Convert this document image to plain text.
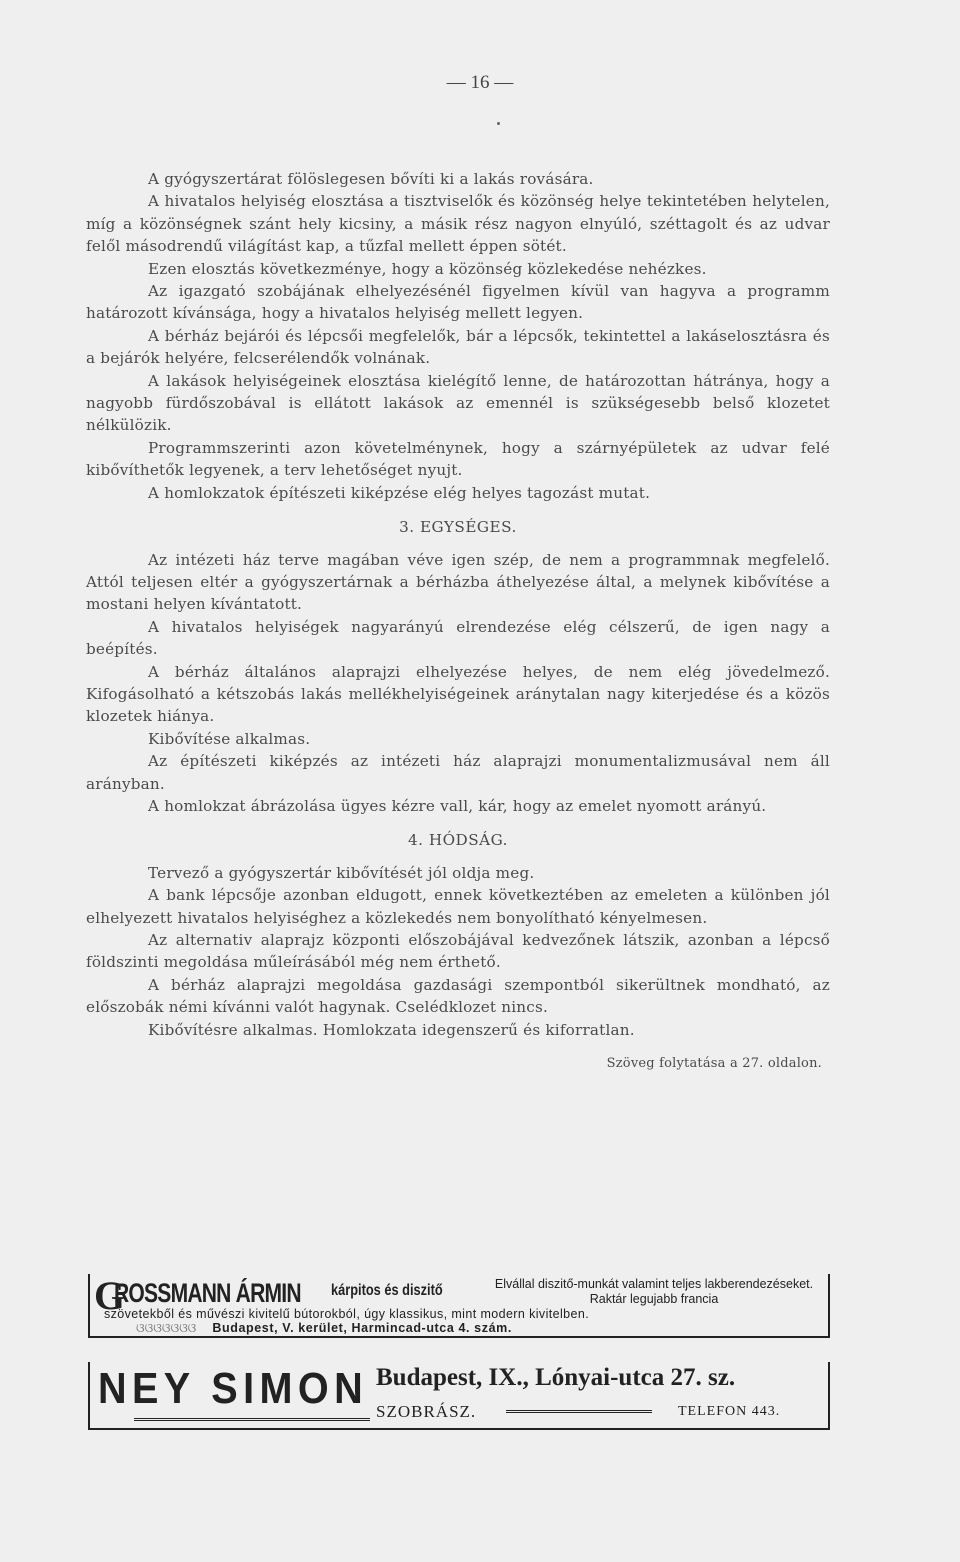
— 16 —

A gyógyszertárat fölöslegesen bővíti ki a lakás rovására.

A hivatalos helyiség elosztása a tisztviselők és közönség helye tekintetében helytelen, míg a közönségnek szánt hely kicsiny, a másik rész nagyon elnyúló, széttagolt és az udvar felől másodrendű világítást kap, a tűzfal mellett éppen sötét.

Ezen elosztás következménye, hogy a közönség közlekedése nehézkes.

Az igazgató szobájának elhelyezésénél figyelmen kívül van hagyva a programm határozott kívánsága, hogy a hivatalos helyiség mellett legyen.

A bérház bejárói és lépcsői megfelelők, bár a lépcsők, tekintettel a lakáselosztásra és a bejárók helyére, felcserélendők volnának.

A lakások helyiségeinek elosztása kielégítő lenne, de határozottan hátránya, hogy a nagyobb fürdőszobával is ellátott lakások az emennél is szükségesebb belső klozetet nélkülözik.

Programmszerinti azon követelménynek, hogy a szárnyépületek az udvar felé kibővíthetők legyenek, a terv lehetőséget nyujt.

A homlokzatok építészeti kiképzése elég helyes tagozást mutat.

3. EGYSÉGES.

Az intézeti ház terve magában véve igen szép, de nem a programmnak megfelelő. Attól teljesen eltér a gyógyszertárnak a bérházba áthelyezése által, a melynek kibővítése a mostani helyen kívántatott.

A hivatalos helyiségek nagyarányú elrendezése elég célszerű, de igen nagy a beépítés.

A bérház általános alaprajzi elhelyezése helyes, de nem elég jövedelmező. Kifogásolható a kétszobás lakás mellékhelyiségeinek aránytalan nagy kiterjedése és a közös klozetek hiánya.

Kibővítése alkalmas.

Az építészeti kiképzés az intézeti ház alaprajzi monumentalizmusával nem áll arányban.

A homlokzat ábrázolása ügyes kézre vall, kár, hogy az emelet nyomott arányú.

4. HÓDSÁG.

Tervező a gyógyszertár kibővítését jól oldja meg.

A bank lépcsője azonban eldugott, ennek következtében az emeleten a különben jól elhelyezett hivatalos helyiséghez a közlekedés nem bonyolítható kényelmesen.

Az alternativ alaprajz központi előszobájával kedvezőnek látszik, azonban a lépcső földszinti megoldása műleírásából még nem érthető.

A bérház alaprajzi megoldása gazdasági szempontból sikerültnek mondható, az előszobák némi kívánni valót hagynak. Cselédklozet nincs.

Kibővítésre alkalmas. Homlokzata idegenszerű és kiforratlan.

Szöveg folytatása a 27. oldalon.

G
ROSSMANN ÁRMIN kárpitos és diszitő	Elvállal diszitő-munkát valamint teljes lakberendezéseket. Raktár legujabb francia
szövetekből és művészi kivitelű bútorokból, úgy klassikus, mint modern kivitelben.
ଓଓଓଓଓଓଓ Budapest, V. kerület, Harmincad-utca 4. szám.
NEY SIMON Budapest, IX., Lónyai-utca 27. sz.
SZOBRÁSZ.	TELEFON 443.
